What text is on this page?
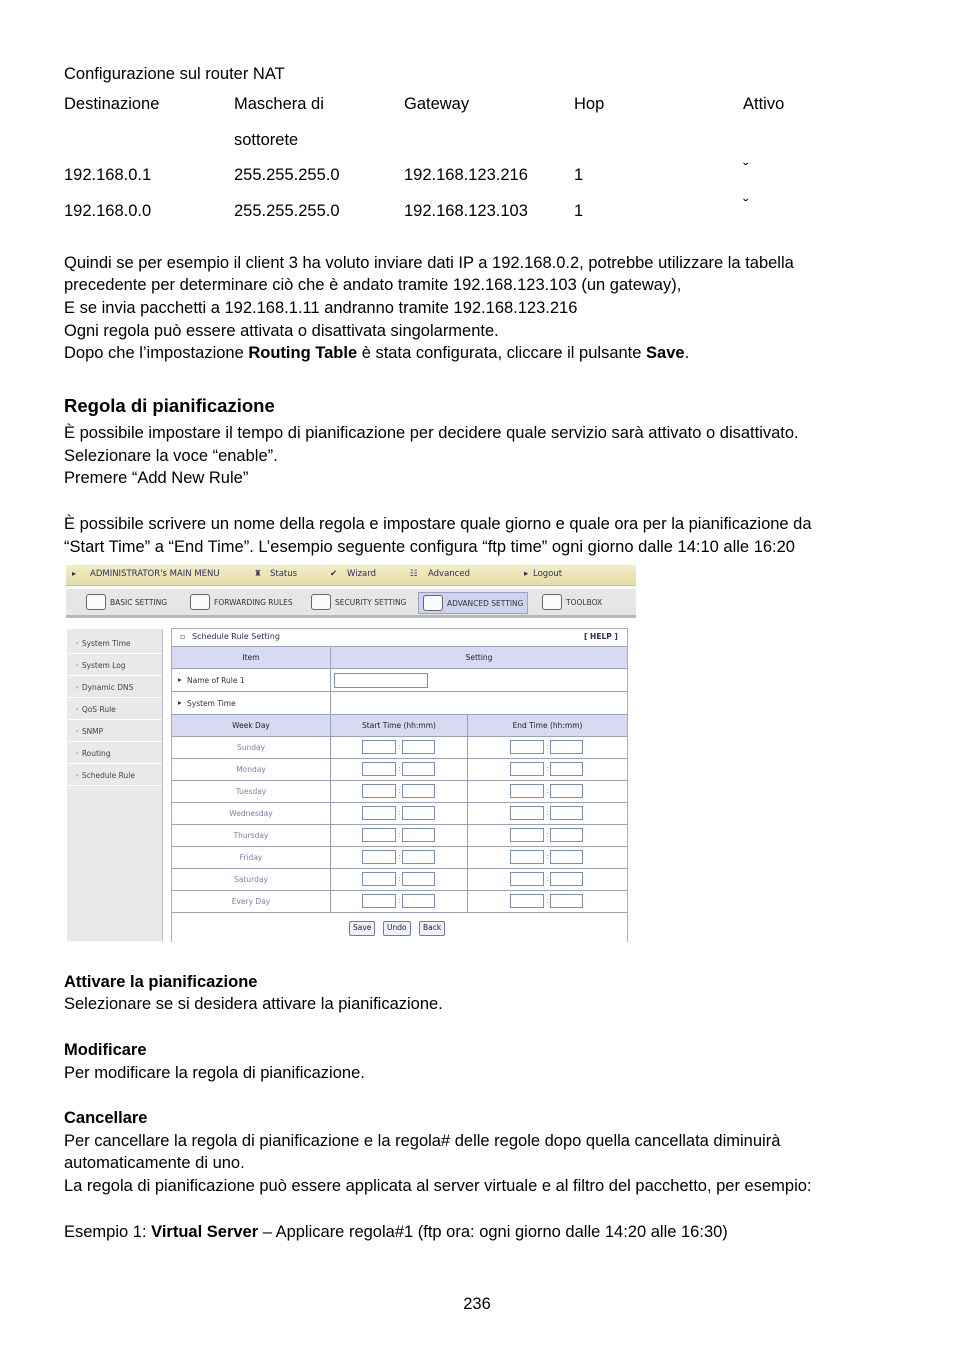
Configurazione sul router NAT
Destinazione	Maschera di	Gateway	Hop	Attivo
sottorete
192.168.0.1	255.255.255.0	192.168.123.216	1	ˇ
192.168.0.0	255.255.255.0	192.168.123.103	1	ˇ
Quindi se per esempio il client 3 ha voluto inviare dati IP a 192.168.0.2, potrebbe utilizzare la tabella
precedente per determinare ciò che è andato tramite 192.168.123.103 (un gateway),
E se invia pacchetti a 192.168.1.11 andranno tramite 192.168.123.216
Ogni regola può essere attivata o disattivata singolarmente.
Dopo che l’impostazione Routing Table è stata configurata, cliccare il pulsante Save.
Regola di pianificazione
È possibile impostare il tempo di pianificazione per decidere quale servizio sarà attivato o disattivato.
Selezionare la voce “enable”.
Premere “Add New Rule”
È possibile scrivere un nome della regola e impostare quale giorno e quale ora per la pianificazione da
“Start Time” a “End Time”. L’esempio seguente configura “ftp time” ogni giorno dalle 14:10 alle 16:20
▸ ADMINISTRATOR's MAIN MENU	♜ Status	✔ Wizard	☷ Advanced	▸ Logout
BASIC SETTING	FORWARDING RULES	SECURITY SETTING	ADVANCED SETTING	TOOLBOX
◦ System Time
◦ System Log
◦ Dynamic DNS
◦ QoS Rule
◦ SNMP
◦ Routing
◦ Schedule Rule
▫ Schedule Rule Setting	[ HELP ]
Item	Setting
▸ Name of Rule 1
▸ System Time
Week Day	Start Time (hh:mm)	End Time (hh:mm)
Sunday	:	:
Monday	:	:
Tuesday	:	:
Wednesday	:	:
Thursday	:	:
Friday	:	:
Saturday	:	:
Every Day	:	:
Save	Undo	Back
Attivare la pianificazione
Selezionare se si desidera attivare la pianificazione.
Modificare
Per modificare la regola di pianificazione.
Cancellare
Per cancellare la regola di pianificazione e la regola# delle regole dopo quella cancellata diminuirà
automaticamente di uno.
La regola di pianificazione può essere applicata al server virtuale e al filtro del pacchetto, per esempio:
Esempio 1: Virtual Server – Applicare regola#1 (ftp ora: ogni giorno dalle 14:20 alle 16:30)
236
